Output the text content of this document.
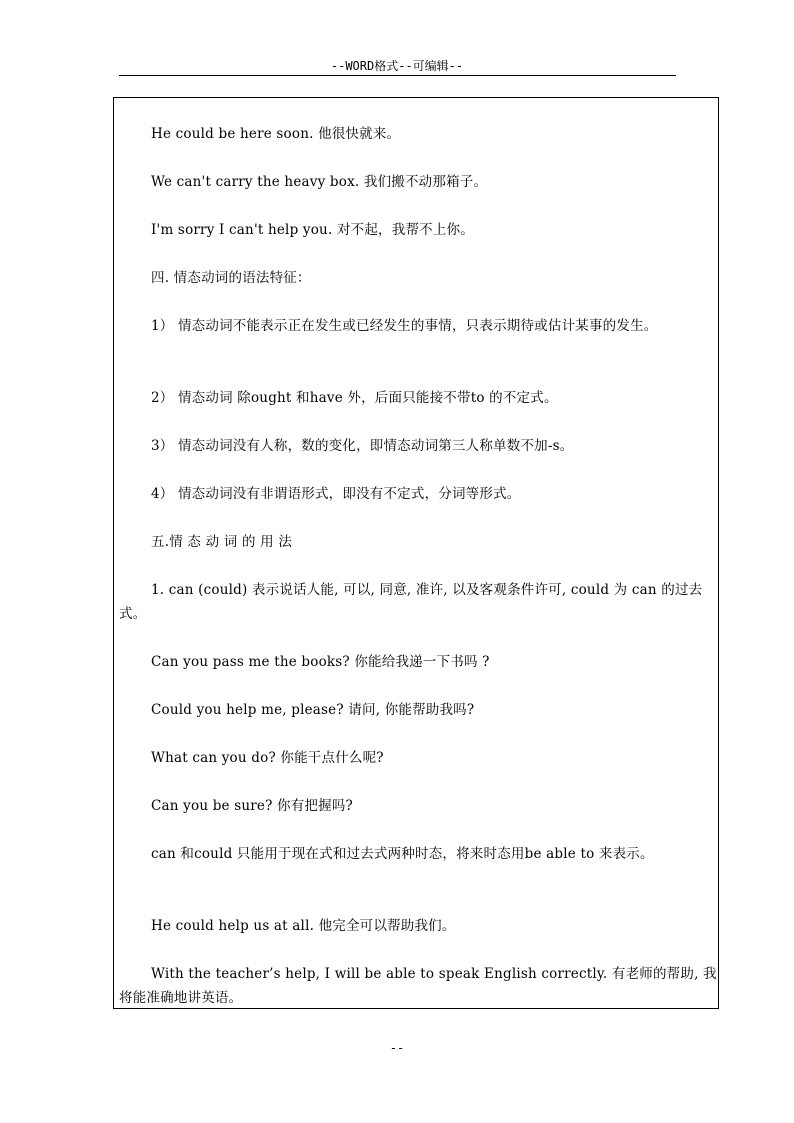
--WORD格式--可编辑--
He could be here soon. 他很快就来。
We can't carry the heavy box. 我们搬不动那箱子。
I'm sorry I can't help you. 对不起，我帮不上你。
四. 情态动词的语法特征：
1） 情态动词不能表示正在发生或已经发生的事情，只表示期待或估计某事的发生。
2） 情态动词 除ought 和have 外，后面只能接不带to 的不定式。
3） 情态动词没有人称，数的变化，即情态动词第三人称单数不加-s。
4） 情态动词没有非谓语形式，即没有不定式，分词等形式。
五.情 态 动 词 的 用 法
1. can (could) 表示说话人能, 可以, 同意, 准许, 以及客观条件许可, could 为 can 的过去式。
Can you pass me the books? 你能给我递一下书吗 ?
Could you help me, please? 请问, 你能帮助我吗?
What can you do? 你能干点什么呢?
Can you be sure? 你有把握吗?
can 和could 只能用于现在式和过去式两种时态，将来时态用be able to 来表示。
He could help us at all. 他完全可以帮助我们。
With the teacher’s help, I will be able to speak English correctly. 有老师的帮助, 我将能准确地讲英语。
--
